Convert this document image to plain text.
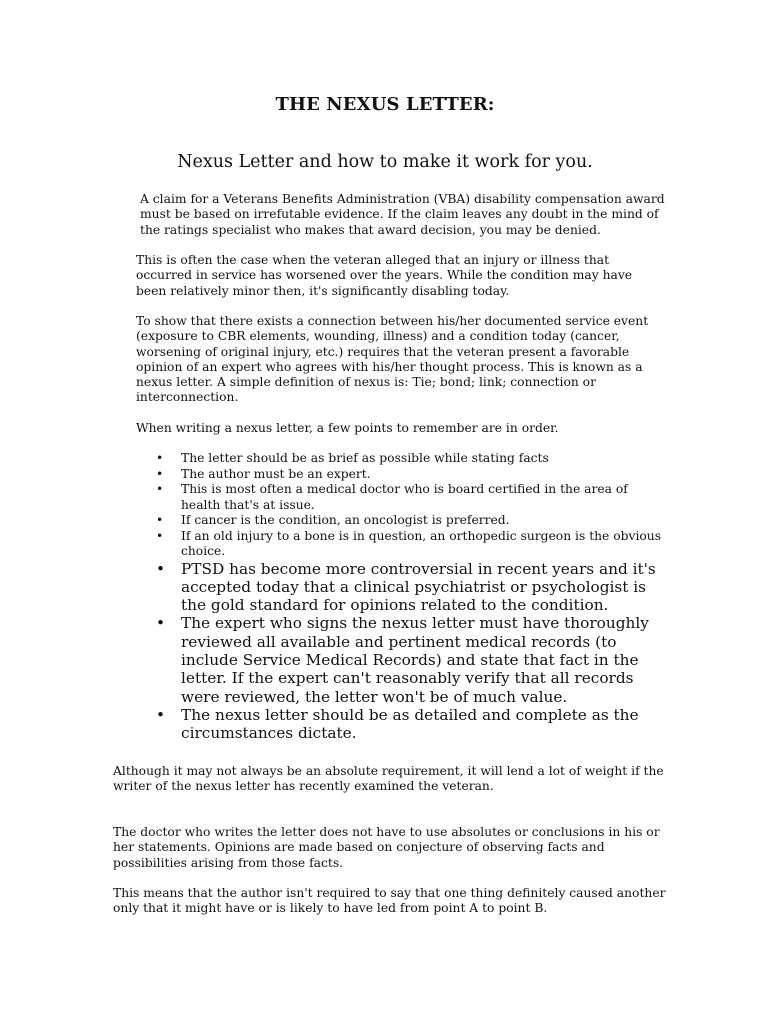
THE NEXUS LETTER:
Nexus Letter and how to make it work for you.

A claim for a Veterans Benefits Administration (VBA) disability compensation award must be based on irrefutable evidence. If the claim leaves any doubt in the mind of the ratings specialist who makes that award decision, you may be denied.

This is often the case when the veteran alleged that an injury or illness that occurred in service has worsened over the years. While the condition may have been relatively minor then, it's significantly disabling today.

To show that there exists a connection between his/her documented service event (exposure to CBR elements, wounding, illness) and a condition today (cancer, worsening of original injury, etc.) requires that the veteran present a favorable opinion of an expert who agrees with his/her thought process. This is known as a nexus letter. A simple definition of nexus is: Tie; bond; link; connection or interconnection.

When writing a nexus letter, a few points to remember are in order.

• The letter should be as brief as possible while stating facts
• The author must be an expert.
• This is most often a medical doctor who is board certified in the area of health that's at issue.
• If cancer is the condition, an oncologist is preferred.
• If an old injury to a bone is in question, an orthopedic surgeon is the obvious choice.
• PTSD has become more controversial in recent years and it's accepted today that a clinical psychiatrist or psychologist is the gold standard for opinions related to the condition.
• The expert who signs the nexus letter must have thoroughly reviewed all available and pertinent medical records (to include Service Medical Records) and state that fact in the letter. If the expert can't reasonably verify that all records were reviewed, the letter won't be of much value.
• The nexus letter should be as detailed and complete as the circumstances dictate.

Although it may not always be an absolute requirement, it will lend a lot of weight if the writer of the nexus letter has recently examined the veteran.

The doctor who writes the letter does not have to use absolutes or conclusions in his or her statements. Opinions are made based on conjecture of observing facts and possibilities arising from those facts.

This means that the author isn't required to say that one thing definitely caused another only that it might have or is likely to have led from point A to point B.
